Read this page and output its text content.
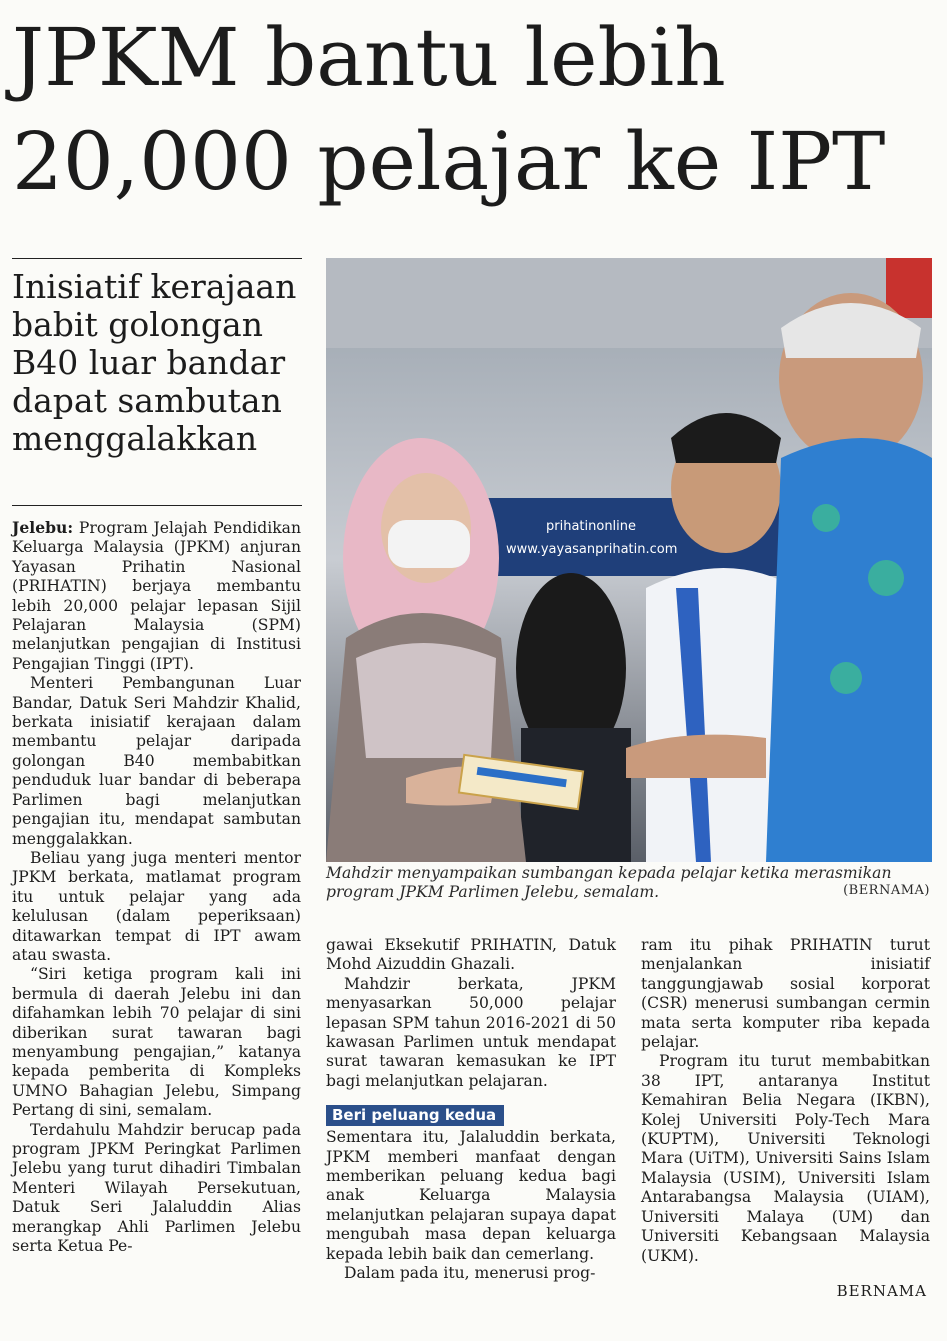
JPKM bantu lebih
20,000 pelajar ke IPT
Inisiatif kerajaan
babit golongan
B40 luar bandar
dapat sambutan
menggalakkan

Jelebu: Program Jelajah Pendidikan Keluarga Malaysia (JPKM) anjuran Yayasan Prihatin Nasional (PRIHATIN) berjaya membantu lebih 20,000 pelajar lepasan Sijil Pelajaran Malaysia (SPM) melanjutkan pengajian di Institusi Pengajian Tinggi (IPT).

Menteri Pembangunan Luar Bandar, Datuk Seri Mahdzir Khalid, berkata inisiatif kerajaan dalam membantu pelajar daripada golongan B40 membabitkan penduduk luar bandar di beberapa Parlimen bagi melanjutkan pengajian itu, mendapat sambutan menggalakkan.

Beliau yang juga menteri mentor JPKM berkata, matlamat program itu untuk pelajar yang ada kelulusan (dalam peperiksaan) ditawarkan tempat di IPT awam atau swasta.

“Siri ketiga program kali ini bermula di daerah Jelebu ini dan difahamkan lebih 70 pelajar di sini diberikan surat tawaran bagi menyambung pengajian,” katanya kepada pemberita di Kompleks UMNO Bahagian Jelebu, Simpang Pertang di sini, semalam.

Terdahulu Mahdzir berucap pada program JPKM Peringkat Parlimen Jelebu yang turut dihadiri Timbalan Menteri Wilayah Persekutuan, Datuk Seri Jalaluddin Alias merangkap Ahli Parlimen Jelebu serta Ketua Pe-

prihatinonline
www.yayasanprihatin.com
Mahdzir menyampaikan sumbangan kepada pelajar ketika merasmikan program JPKM Parlimen Jelebu, semalam.	(BERNAMA)

gawai Eksekutif PRIHATIN, Datuk Mohd Aizuddin Ghazali.

Mahdzir berkata, JPKM menyasarkan 50,000 pelajar lepasan SPM tahun 2016-2021 di 50 kawasan Parlimen untuk mendapat surat tawaran kemasukan ke IPT bagi melanjutkan pelajaran.

Beri peluang kedua

Sementara itu, Jalaluddin berkata, JPKM memberi manfaat dengan memberikan peluang kedua bagi anak Keluarga Malaysia melanjutkan pelajaran supaya dapat mengubah masa depan keluarga kepada lebih baik dan cemerlang.

Dalam pada itu, menerusi prog-

ram itu pihak PRIHATIN turut menjalankan inisiatif tanggungjawab sosial korporat (CSR) menerusi sumbangan cermin mata serta komputer riba kepada pelajar.

Program itu turut membabitkan 38 IPT, antaranya Institut Kemahiran Belia Negara (IKBN), Kolej Universiti Poly-Tech Mara (KUPTM), Universiti Teknologi Mara (UiTM), Universiti Sains Islam Malaysia (USIM), Universiti Islam Antarabangsa Malaysia (UIAM), Universiti Malaya (UM) dan Universiti Kebangsaan Malaysia (UKM).

BERNAMA
